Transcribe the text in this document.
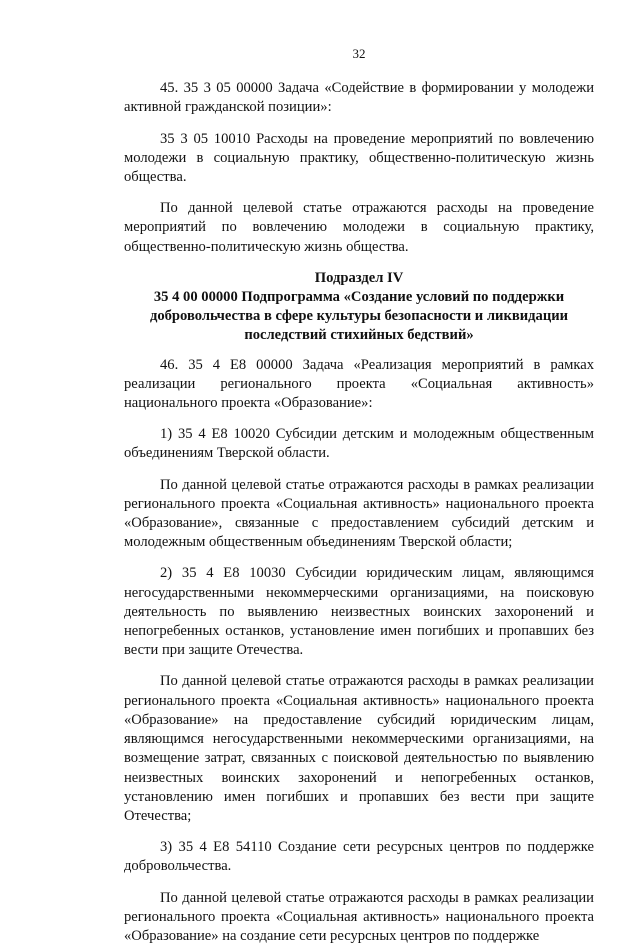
32

45. 35 3 05 00000 Задача «Содействие в формировании у молодежи активной гражданской позиции»:

35 3 05 10010 Расходы на проведение мероприятий по вовлечению молодежи в социальную практику, общественно-политическую жизнь общества.

По данной целевой статье отражаются расходы на проведение мероприятий по вовлечению молодежи в социальную практику, общественно-политическую жизнь общества.

Подраздел IV
35 4 00 00000 Подпрограмма «Создание условий по поддержки добровольчества в сфере культуры безопасности и ликвидации последствий стихийных бедствий»

46. 35 4 Е8 00000 Задача «Реализация мероприятий в рамках реализации регионального проекта «Социальная активность» национального проекта «Образование»:

1) 35 4 Е8 10020 Субсидии детским и молодежным общественным объединениям Тверской области.

По данной целевой статье отражаются расходы в рамках реализации регионального проекта «Социальная активность» национального проекта «Образование», связанные с предоставлением субсидий детским и молодежным общественным объединениям Тверской области;

2) 35 4 Е8 10030 Субсидии юридическим лицам, являющимся негосударственными некоммерческими организациями, на поисковую деятельность по выявлению неизвестных воинских захоронений и непогребенных останков, установление имен погибших и пропавших без вести при защите Отечества.

По данной целевой статье отражаются расходы в рамках реализации регионального проекта «Социальная активность» национального проекта «Образование» на предоставление субсидий юридическим лицам, являющимся негосударственными некоммерческими организациями, на возмещение затрат, связанных с поисковой деятельностью по выявлению неизвестных воинских захоронений и непогребенных останков, установлению имен погибших и пропавших без вести при защите Отечества;

3) 35 4 Е8 54110 Создание сети ресурсных центров по поддержке добровольчества.

По данной целевой статье отражаются расходы в рамках реализации регионального проекта «Социальная активность» национального проекта «Образование» на создание сети ресурсных центров по поддержке
